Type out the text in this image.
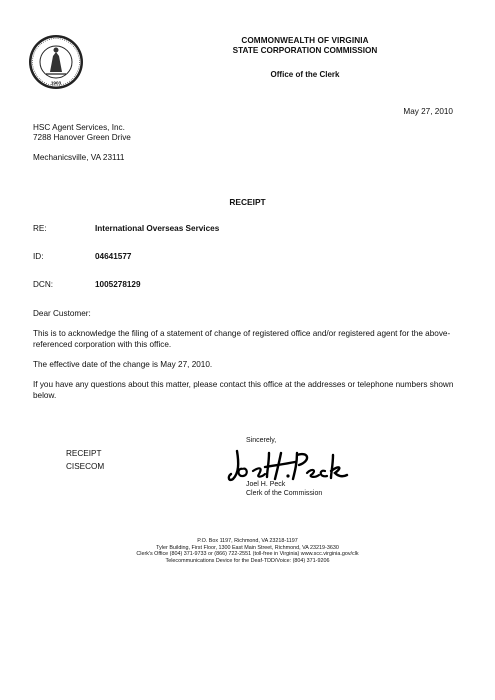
1903
COMMONWEALTH OF VIRGINIA
STATE CORPORATION COMMISSION
Office of the Clerk
May 27, 2010
HSC Agent Services, Inc.
7288 Hanover Green Drive
Mechanicsville, VA 23111
RECEIPT
RE:	International Overseas Services
ID:	04641577
DCN:	1005278129
Dear Customer:
This is to acknowledge the filing of a statement of change of registered office and/or registered agent for the above-referenced corporation with this office.
The effective date of the change is May 27, 2010.
If you have any questions about this matter, please contact this office at the addresses or telephone numbers shown below.
RECEIPT
CISECOM
Sincerely,
Joel H. Peck
Joel H. Peck
Clerk of the Commission
P.O. Box 1197, Richmond, VA 23218-1197
Tyler Building, First Floor, 1300 East Main Street, Richmond, VA 23219-3630
Clerk's Office (804) 371-9733 or (866) 722-2551 (toll-free in Virginia) www.scc.virginia.gov/clk
Telecommunications Device for the Deaf-TDD/Voice: (804) 371-9206
